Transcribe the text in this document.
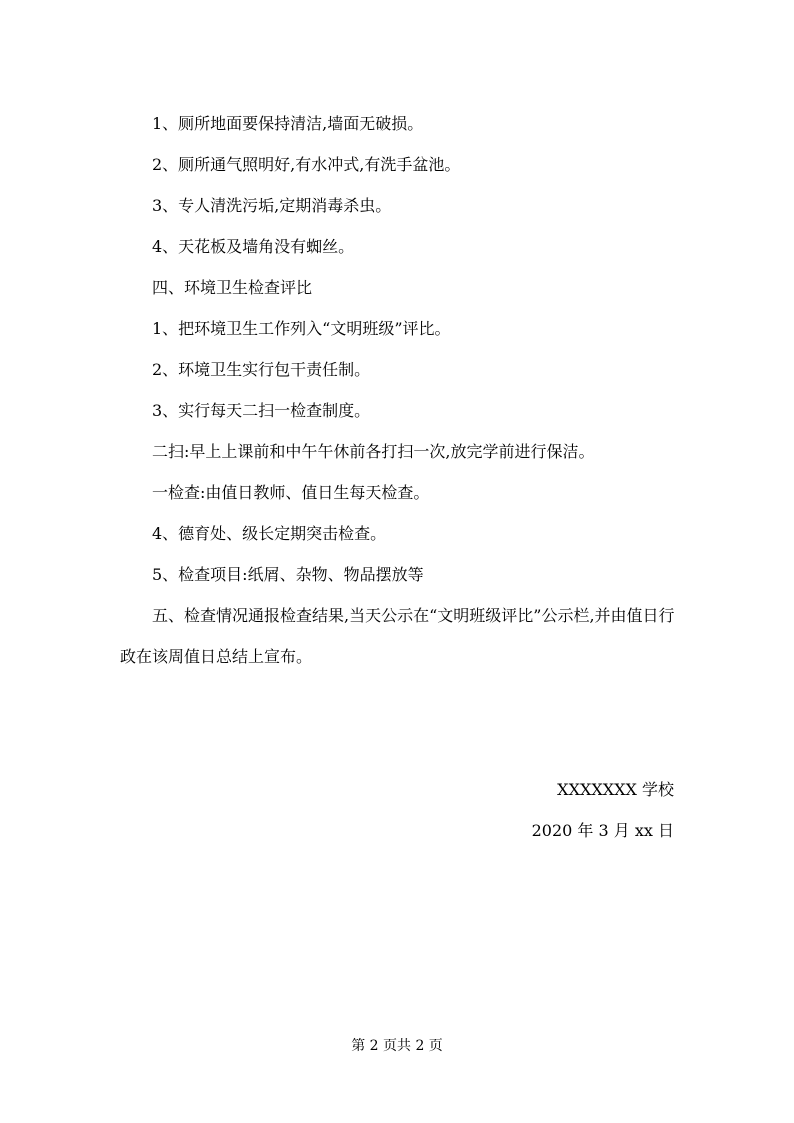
1、厕所地面要保持清洁,墙面无破损。

2、厕所通气照明好,有水冲式,有洗手盆池。

3、专人清洗污垢,定期消毒杀虫。

4、天花板及墙角没有蜘丝。

四、环境卫生检查评比

1、把环境卫生工作列入“文明班级”评比。

2、环境卫生实行包干责任制。

3、实行每天二扫一检查制度。

二扫:早上上课前和中午午休前各打扫一次,放完学前进行保洁。

一检查:由值日教师、值日生每天检查。

4、德育处、级长定期突击检查。

5、检查项目:纸屑、杂物、物品摆放等

五、检查情况通报检查结果,当天公示在“文明班级评比”公示栏,并由值日行政在该周值日总结上宣布。

XXXXXXX 学校
2020 年 3 月 xx 日
第 2 页共 2 页
